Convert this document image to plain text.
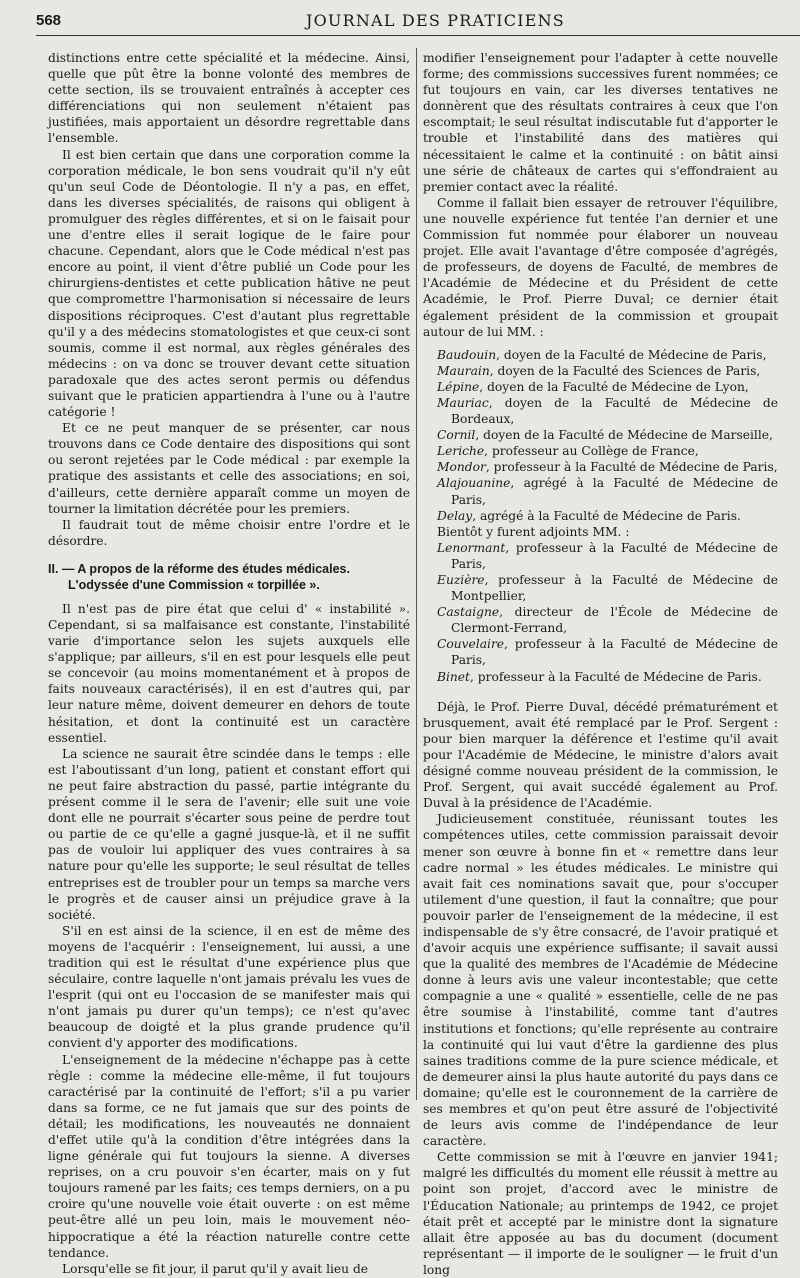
568	JOURNAL DES PRATICIENS

distinctions entre cette spécialité et la médecine. Ainsi, quelle que pût être la bonne volonté des membres de cette section, ils se trouvaient entraînés à accepter ces différenciations qui non seulement n'étaient pas justifiées, mais apportaient un désordre regrettable dans l'ensemble.

Il est bien certain que dans une corporation comme la corporation médicale, le bon sens voudrait qu'il n'y eût qu'un seul Code de Déontologie. Il n'y a pas, en effet, dans les diverses spécialités, de raisons qui obligent à promulguer des règles différentes, et si on le faisait pour une d'entre elles il serait logique de le faire pour chacune. Cependant, alors que le Code médical n'est pas encore au point, il vient d'être publié un Code pour les chirurgiens-dentistes et cette publication hâtive ne peut que compromettre l'harmonisation si nécessaire de leurs dispositions réciproques. C'est d'autant plus regrettable qu'il y a des médecins stomatologistes et que ceux-ci sont soumis, comme il est normal, aux règles générales des médecins : on va donc se trouver devant cette situation paradoxale que des actes seront permis ou défendus suivant que le praticien appartiendra à l'une ou à l'autre catégorie !

Et ce ne peut manquer de se présenter, car nous trouvons dans ce Code dentaire des dispositions qui sont ou seront rejetées par le Code médical : par exemple la pratique des assistants et celle des associations; en soi, d'ailleurs, cette dernière apparaît comme un moyen de tourner la limitation décrétée pour les premiers.

Il faudrait tout de même choisir entre l'ordre et le désordre.

II. — A propos de la réforme des études médicales.
L'odyssée d'une Commission « torpillée ».

Il n'est pas de pire état que celui d' « instabilité ». Cependant, si sa malfaisance est constante, l'instabilité varie d'importance selon les sujets auxquels elle s'applique; par ailleurs, s'il en est pour lesquels elle peut se concevoir (au moins momentanément et à propos de faits nouveaux caractérisés), il en est d'autres qui, par leur nature même, doivent demeurer en dehors de toute hésitation, et dont la continuité est un caractère essentiel.

La science ne saurait être scindée dans le temps : elle est l'aboutissant d'un long, patient et constant effort qui ne peut faire abstraction du passé, partie intégrante du présent comme il le sera de l'avenir; elle suit une voie dont elle ne pourrait s'écarter sous peine de perdre tout ou partie de ce qu'elle a gagné jusque-là, et il ne suffit pas de vouloir lui appliquer des vues contraires à sa nature pour qu'elle les supporte; le seul résultat de telles entreprises est de troubler pour un temps sa marche vers le progrès et de causer ainsi un préjudice grave à la société.

S'il en est ainsi de la science, il en est de même des moyens de l'acquérir : l'enseignement, lui aussi, a une tradition qui est le résultat d'une expérience plus que séculaire, contre laquelle n'ont jamais prévalu les vues de l'esprit (qui ont eu l'occasion de se manifester mais qui n'ont jamais pu durer qu'un temps); ce n'est qu'avec beaucoup de doigté et la plus grande prudence qu'il convient d'y apporter des modifications.

L'enseignement de la médecine n'échappe pas à cette règle : comme la médecine elle-même, il fut toujours caractérisé par la continuité de l'effort; s'il a pu varier dans sa forme, ce ne fut jamais que sur des points de détail; les modifications, les nouveautés ne donnaient d'effet utile qu'à la condition d'être intégrées dans la ligne générale qui fut toujours la sienne. A diverses reprises, on a cru pouvoir s'en écarter, mais on y fut toujours ramené par les faits; ces temps derniers, on a pu croire qu'une nouvelle voie était ouverte : on est même peut-être allé un peu loin, mais le mouvement néo-hippocratique a été la réaction naturelle contre cette tendance.

Lorsqu'elle se fit jour, il parut qu'il y avait lieu de

modifier l'enseignement pour l'adapter à cette nouvelle forme; des commissions successives furent nommées; ce fut toujours en vain, car les diverses tentatives ne donnèrent que des résultats contraires à ceux que l'on escomptait; le seul résultat indiscutable fut d'apporter le trouble et l'instabilité dans des matières qui nécessitaient le calme et la continuité : on bâtit ainsi une série de châteaux de cartes qui s'effondraient au premier contact avec la réalité.

Comme il fallait bien essayer de retrouver l'équilibre, une nouvelle expérience fut tentée l'an dernier et une Commission fut nommée pour élaborer un nouveau projet. Elle avait l'avantage d'être composée d'agrégés, de professeurs, de doyens de Faculté, de membres de l'Académie de Médecine et du Président de cette Académie, le Prof. Pierre Duval; ce dernier était également président de la commission et groupait autour de lui MM. :

Baudouin, doyen de la Faculté de Médecine de Paris,
Maurain, doyen de la Faculté des Sciences de Paris,
Lépine, doyen de la Faculté de Médecine de Lyon,
Mauriac, doyen de la Faculté de Médecine de Bordeaux,
Cornil, doyen de la Faculté de Médecine de Marseille,
Leriche, professeur au Collège de France,
Mondor, professeur à la Faculté de Médecine de Paris,
Alajouanine, agrégé à la Faculté de Médecine de Paris,
Delay, agrégé à la Faculté de Médecine de Paris.
Bientôt y furent adjoints MM. :
Lenormant, professeur à la Faculté de Médecine de Paris,
Euzière, professeur à la Faculté de Médecine de Montpellier,
Castaigne, directeur de l'École de Médecine de Clermont-Ferrand,
Couvelaire, professeur à la Faculté de Médecine de Paris,
Binet, professeur à la Faculté de Médecine de Paris.

Déjà, le Prof. Pierre Duval, décédé prématurément et brusquement, avait été remplacé par le Prof. Sergent : pour bien marquer la déférence et l'estime qu'il avait pour l'Académie de Médecine, le ministre d'alors avait désigné comme nouveau président de la commission, le Prof. Sergent, qui avait succédé également au Prof. Duval à la présidence de l'Académie.

Judicieusement constituée, réunissant toutes les compétences utiles, cette commission paraissait devoir mener son œuvre à bonne fin et « remettre dans leur cadre normal » les études médicales. Le ministre qui avait fait ces nominations savait que, pour s'occuper utilement d'une question, il faut la connaître; que pour pouvoir parler de l'enseignement de la médecine, il est indispensable de s'y être consacré, de l'avoir pratiqué et d'avoir acquis une expérience suffisante; il savait aussi que la qualité des membres de l'Académie de Médecine donne à leurs avis une valeur incontestable; que cette compagnie a une « qualité » essentielle, celle de ne pas être soumise à l'instabilité, comme tant d'autres institutions et fonctions; qu'elle représente au contraire la continuité qui lui vaut d'être la gardienne des plus saines traditions comme de la pure science médicale, et de demeurer ainsi la plus haute autorité du pays dans ce domaine; qu'elle est le couronnement de la carrière de ses membres et qu'on peut être assuré de l'objectivité de leurs avis comme de l'indépendance de leur caractère.

Cette commission se mit à l'œuvre en janvier 1941; malgré les difficultés du moment elle réussit à mettre au point son projet, d'accord avec le ministre de l'Éducation Nationale; au printemps de 1942, ce projet était prêt et accepté par le ministre dont la signature allait être apposée au bas du document (document représentant — il importe de le souligner — le fruit d'un long
